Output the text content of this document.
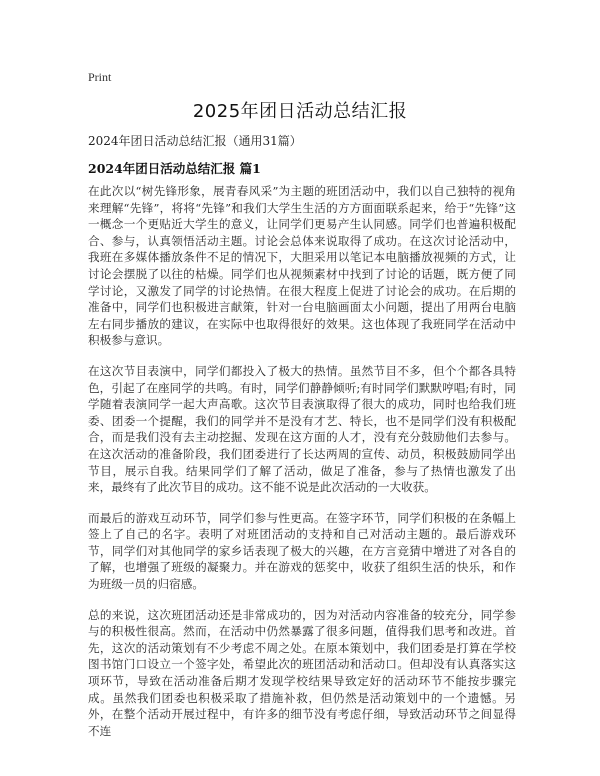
Print
2025年团日活动总结汇报
2024年团日活动总结汇报（通用31篇）
2024年团日活动总结汇报 篇1

在此次以“树先锋形象，展青春风采”为主题的班团活动中，我们以自己独特的视角来理解“先锋”，将将“先锋”和我们大学生生活的方方面面联系起来，给于“先锋”这一概念一个更贴近大学生的意义，让同学们更易产生认同感。同学们也普遍积极配合、参与，认真领悟活动主题。讨论会总体来说取得了成功。在这次讨论活动中，我班在多媒体播放条件不足的情况下，大胆采用以笔记本电脑播放视频的方式，让讨论会摆脱了以往的枯燥。同学们也从视频素材中找到了讨论的话题，既方便了同学讨论，又激发了同学的讨论热情。在很大程度上促进了讨论会的成功。在后期的准备中，同学们也积极进言献策，针对一台电脑画面太小问题，提出了用两台电脑左右同步播放的建议，在实际中也取得很好的效果。这也体现了我班同学在活动中积极参与意识。

在这次节目表演中，同学们都投入了极大的热情。虽然节目不多，但个个都各具特色，引起了在座同学的共鸣。有时，同学们静静倾听;有时同学们默默哼唱;有时，同学随着表演同学一起大声高歌。这次节目表演取得了很大的成功，同时也给我们班委、团委一个提醒，我们的同学并不是没有才艺、特长，也不是同学们没有积极配合，而是我们没有去主动挖掘、发现在这方面的人才，没有充分鼓励他们去参与。在这次活动的准备阶段，我们团委进行了长达两周的宣传、动员，积极鼓励同学出节目，展示自我。结果同学们了解了活动，做足了准备，参与了热情也激发了出来，最终有了此次节目的成功。这不能不说是此次活动的一大收获。

而最后的游戏互动环节，同学们参与性更高。在签字环节，同学们积极的在条幅上签上了自己的名字。表明了对班团活动的支持和自己对活动主题的。最后游戏环节，同学们对其他同学的家乡话表现了极大的兴趣，在方言竞猜中增进了对各自的了解，也增强了班级的凝聚力。并在游戏的惩奖中，收获了组织生活的快乐，和作为班级一员的归宿感。

总的来说，这次班团活动还是非常成功的，因为对活动内容准备的较充分，同学参与的积极性很高。然而，在活动中仍然暴露了很多问题，值得我们思考和改进。首先，这次的活动策划有不少考虑不周之处。在原本策划中，我们团委是打算在学校图书馆门口设立一个签字处，希望此次的班团活动和活动口。但却没有认真落实这项环节，导致在活动准备后期才发现学校结果导致定好的活动环节不能按步骤完成。虽然我们团委也积极采取了措施补救，但仍然是活动策划中的一个遗憾。另外，在整个活动开展过程中，有许多的细节没有考虑仔细，导致活动环节之间显得不连
